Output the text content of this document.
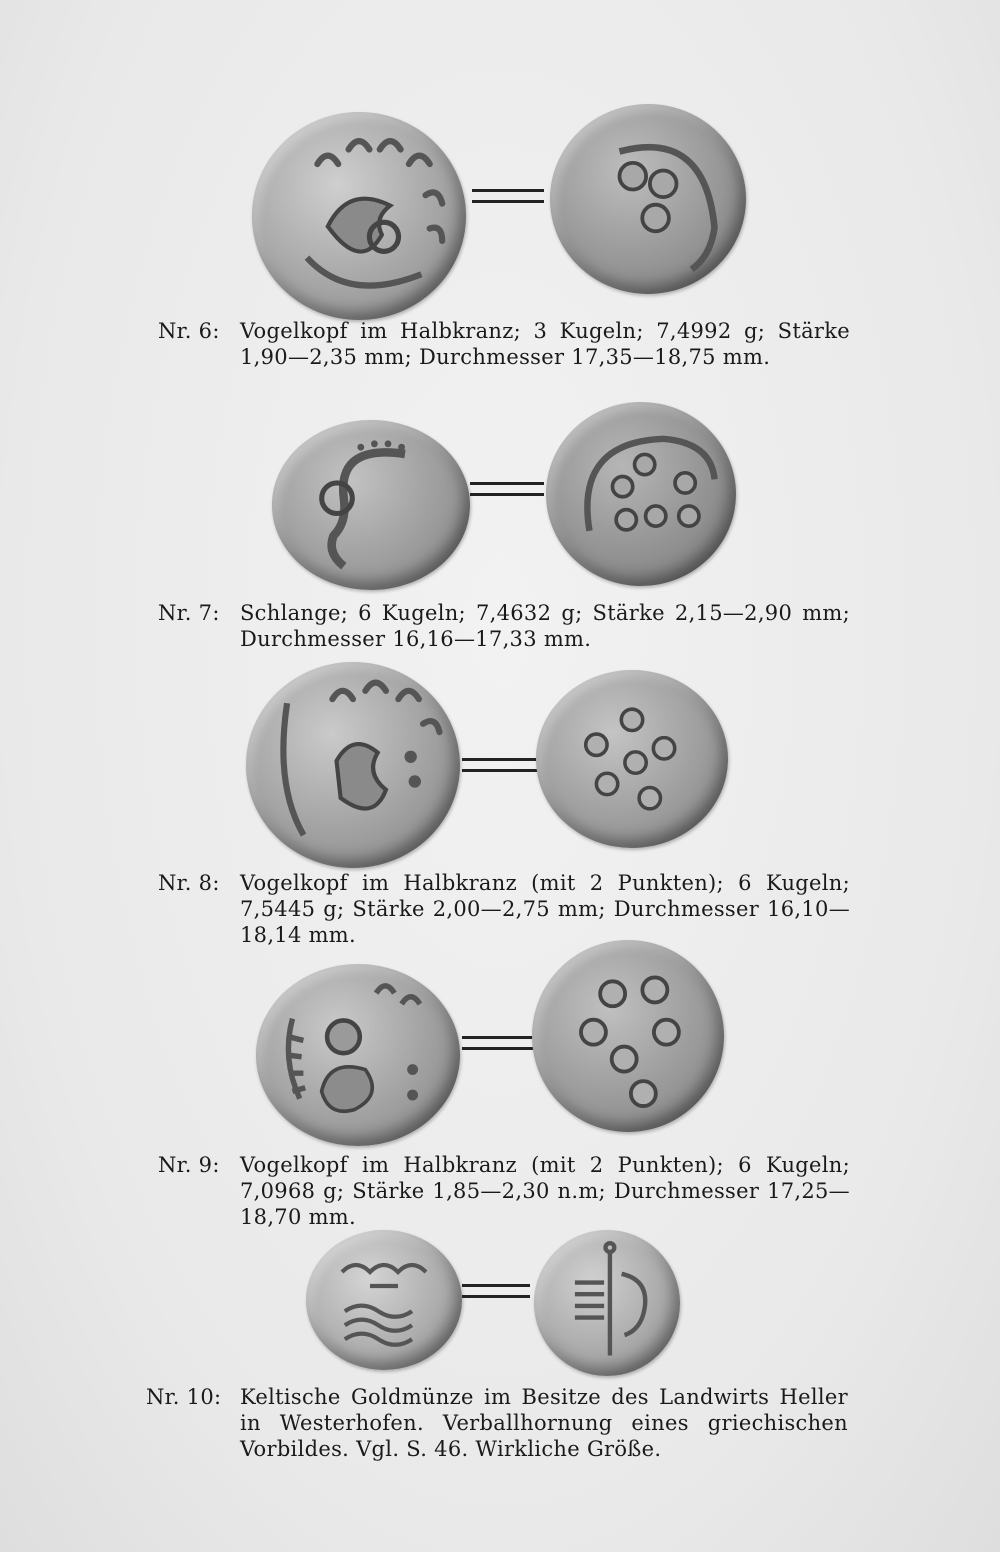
Nr. 6: Vogelkopf im Halbkranz; 3 Kugeln; 7,4992 g; Stärke 1,90—2,35 mm; Durchmesser 17,35—18,75 mm.
Nr. 7: Schlange; 6 Kugeln; 7,4632 g; Stärke 2,15—2,90 mm; Durchmesser 16,16—17,33 mm.
Nr. 8: Vogelkopf im Halbkranz (mit 2 Punkten); 6 Kugeln; 7,5445 g; Stärke 2,00—2,75 mm; Durchmesser 16,10—18,14 mm.
Nr. 9: Vogelkopf im Halbkranz (mit 2 Punkten); 6 Kugeln; 7,0968 g; Stärke 1,85—2,30 n.m; Durchmesser 17,25—18,70 mm.
Nr. 10: Keltische Goldmünze im Besitze des Landwirts Heller in Westerhofen. Verballhornung eines griechischen Vorbildes. Vgl. S. 46. Wirkliche Größe.
